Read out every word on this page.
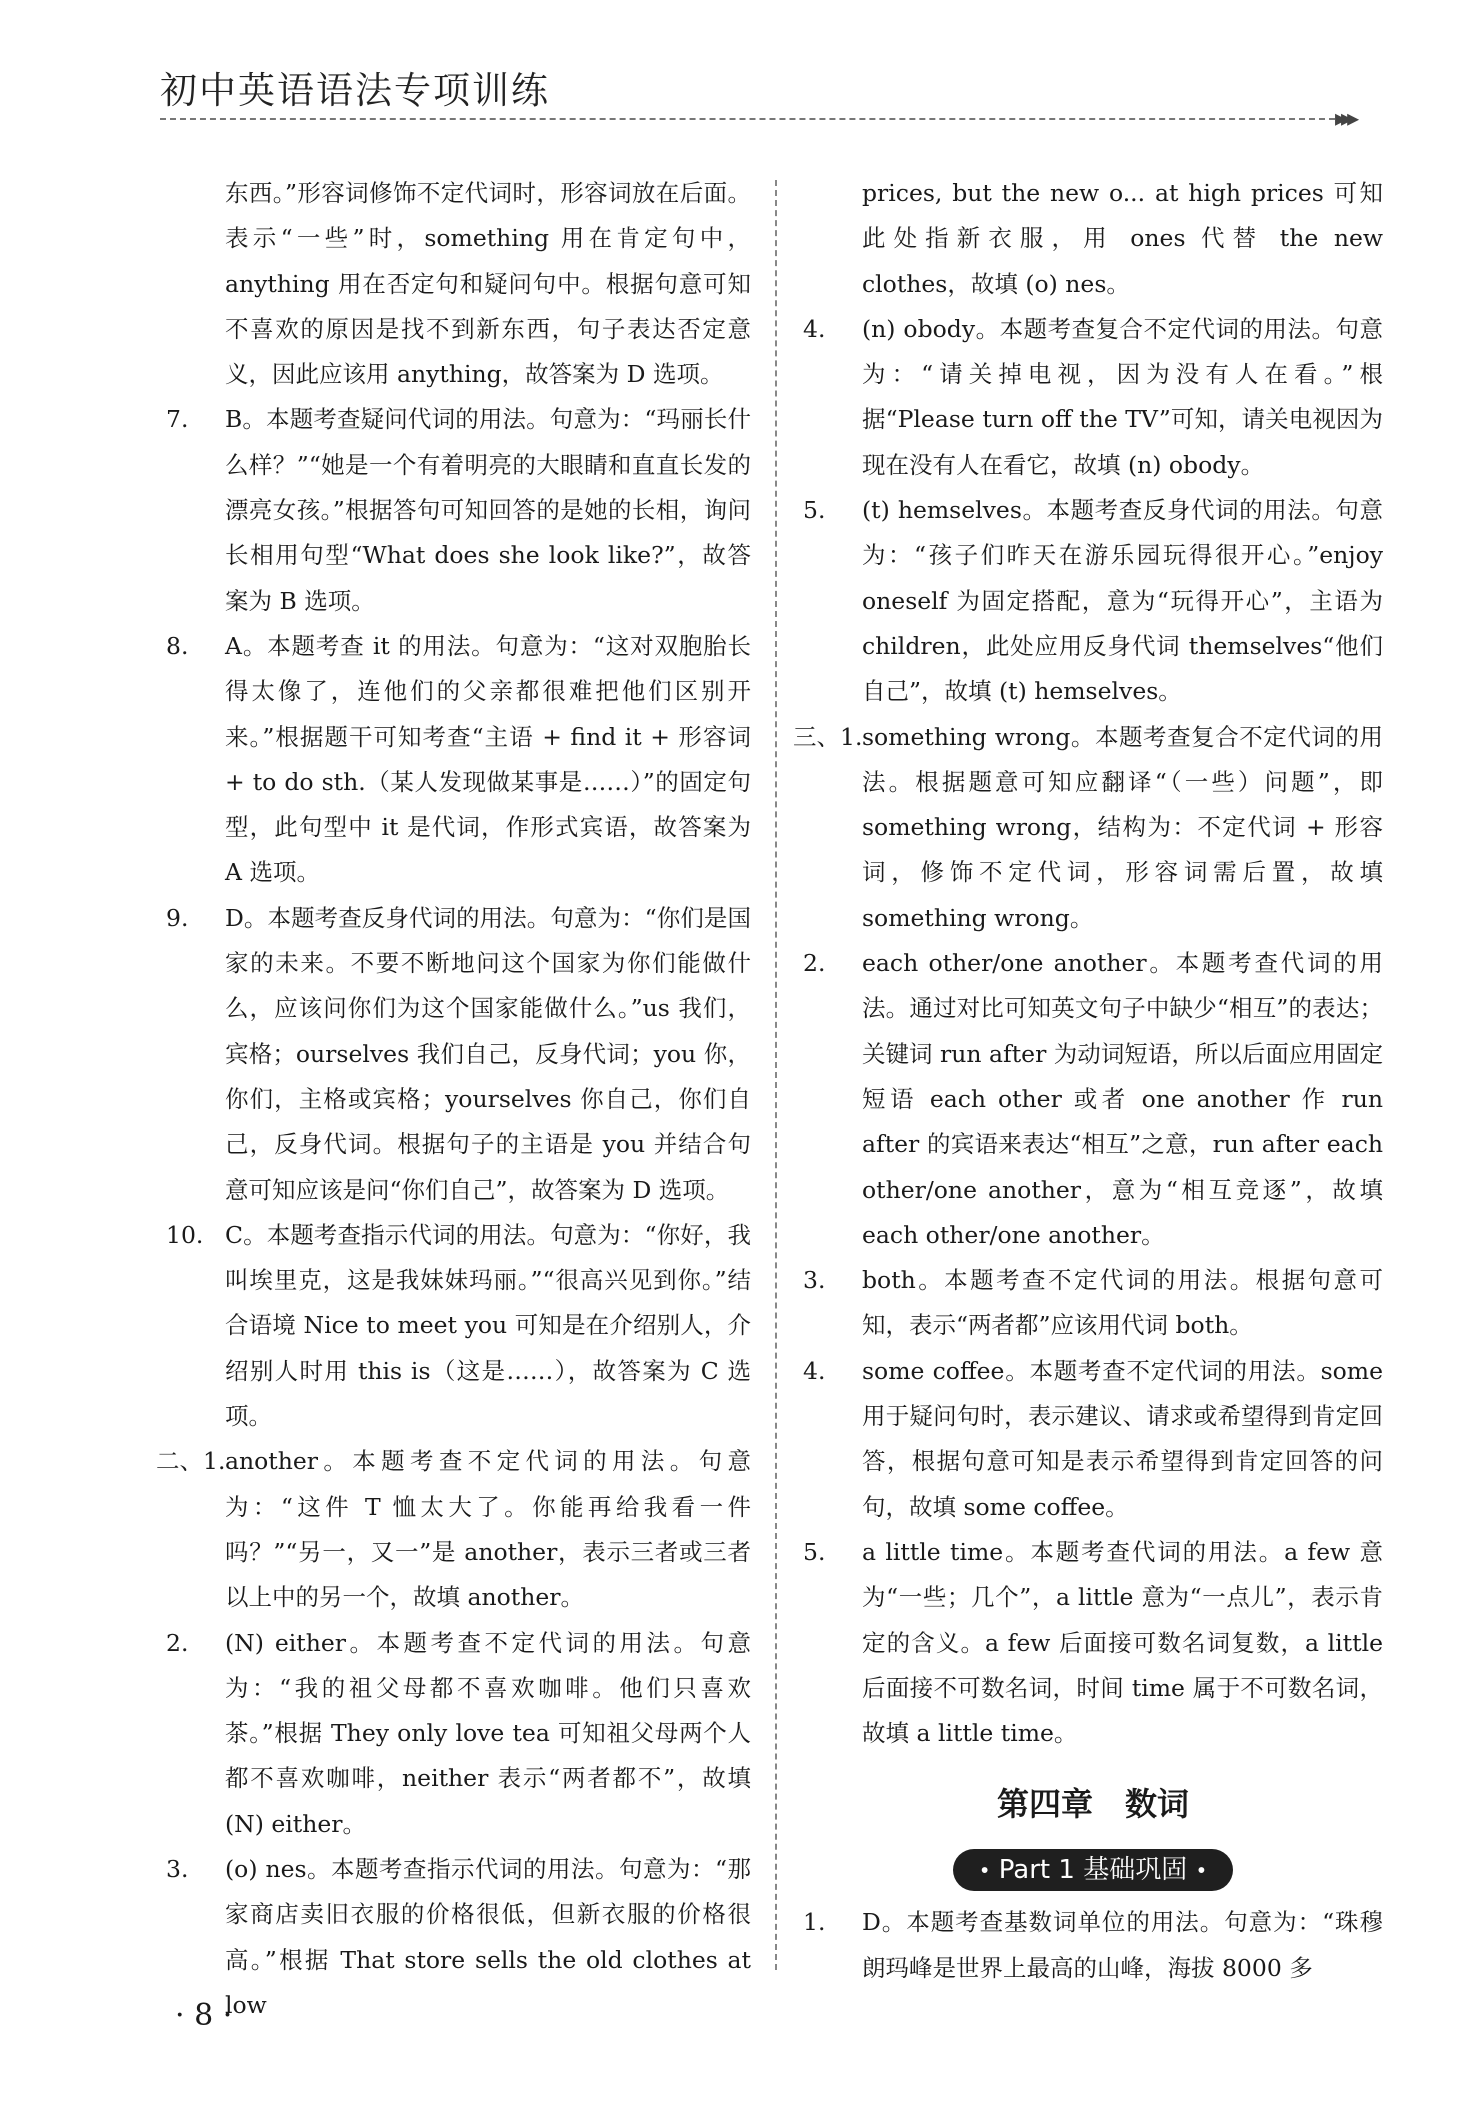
初中英语语法专项训练
▸▸▸

东西。”形容词修饰不定代词时，形容词放在后面。表示“一些”时，something 用在肯定句中，anything 用在否定句和疑问句中。根据句意可知不喜欢的原因是找不到新东西，句子表达否定意义，因此应该用 anything，故答案为 D 选项。

7. B。本题考查疑问代词的用法。句意为：“玛丽长什么样？”“她是一个有着明亮的大眼睛和直直长发的漂亮女孩。”根据答句可知回答的是她的长相，询问长相用句型“What does she look like?”，故答案为 B 选项。

8. A。本题考查 it 的用法。句意为：“这对双胞胎长得太像了，连他们的父亲都很难把他们区别开来。”根据题干可知考查“主语 + find it + 形容词 + to do sth.（某人发现做某事是……）”的固定句型，此句型中 it 是代词，作形式宾语，故答案为 A 选项。

9. D。本题考查反身代词的用法。句意为：“你们是国家的未来。不要不断地问这个国家为你们能做什么，应该问你们为这个国家能做什么。”us 我们，宾格；ourselves 我们自己，反身代词；you 你，你们，主格或宾格；yourselves 你自己，你们自己，反身代词。根据句子的主语是 you 并结合句意可知应该是问“你们自己”，故答案为 D 选项。

10. C。本题考查指示代词的用法。句意为：“你好，我叫埃里克，这是我妹妹玛丽。”“很高兴见到你。”结合语境 Nice to meet you 可知是在介绍别人，介绍别人时用 this is（这是……），故答案为 C 选项。

二、1. another。本题考查不定代词的用法。句意为：“这件 T 恤太大了。你能再给我看一件吗？”“另一，又一”是 another，表示三者或三者以上中的另一个，故填 another。

2. (N) either。本题考查不定代词的用法。句意为：“我的祖父母都不喜欢咖啡。他们只喜欢茶。”根据 They only love tea 可知祖父母两个人都不喜欢咖啡，neither 表示“两者都不”，故填 (N) either。

3. (o) nes。本题考查指示代词的用法。句意为：“那家商店卖旧衣服的价格很低，但新衣服的价格很高。”根据 That store sells the old clothes at low

prices, but the new o... at high prices 可知此处指新衣服，用 ones 代替 the new clothes，故填 (o) nes。

4. (n) obody。本题考查复合不定代词的用法。句意为：“请关掉电视，因为没有人在看。”根据“Please turn off the TV”可知，请关电视因为现在没有人在看它，故填 (n) obody。

5. (t) hemselves。本题考查反身代词的用法。句意为：“孩子们昨天在游乐园玩得很开心。”enjoy oneself 为固定搭配，意为“玩得开心”，主语为 children，此处应用反身代词 themselves“他们自己”，故填 (t) hemselves。

三、1. something wrong。本题考查复合不定代词的用法。根据题意可知应翻译“（一些）问题”，即 something wrong，结构为：不定代词 + 形容词，修饰不定代词，形容词需后置，故填 something wrong。

2. each other/one another。本题考查代词的用法。通过对比可知英文句子中缺少“相互”的表达；关键词 run after 为动词短语，所以后面应用固定短语 each other 或者 one another 作 run after 的宾语来表达“相互”之意，run after each other/one another，意为“相互竞逐”，故填 each other/one another。

3. both。本题考查不定代词的用法。根据句意可知，表示“两者都”应该用代词 both。

4. some coffee。本题考查不定代词的用法。some 用于疑问句时，表示建议、请求或希望得到肯定回答，根据句意可知是表示希望得到肯定回答的问句，故填 some coffee。

5. a little time。本题考查代词的用法。a few 意为“一些；几个”，a little 意为“一点儿”，表示肯定的含义。a few 后面接可数名词复数，a little 后面接不可数名词，时间 time 属于不可数名词，故填 a little time。

第四章　数词
• Part 1 基础巩固 •

1. D。本题考查基数词单位的用法。句意为：“珠穆朗玛峰是世界上最高的山峰，海拔 8000 多

· 8 ·
